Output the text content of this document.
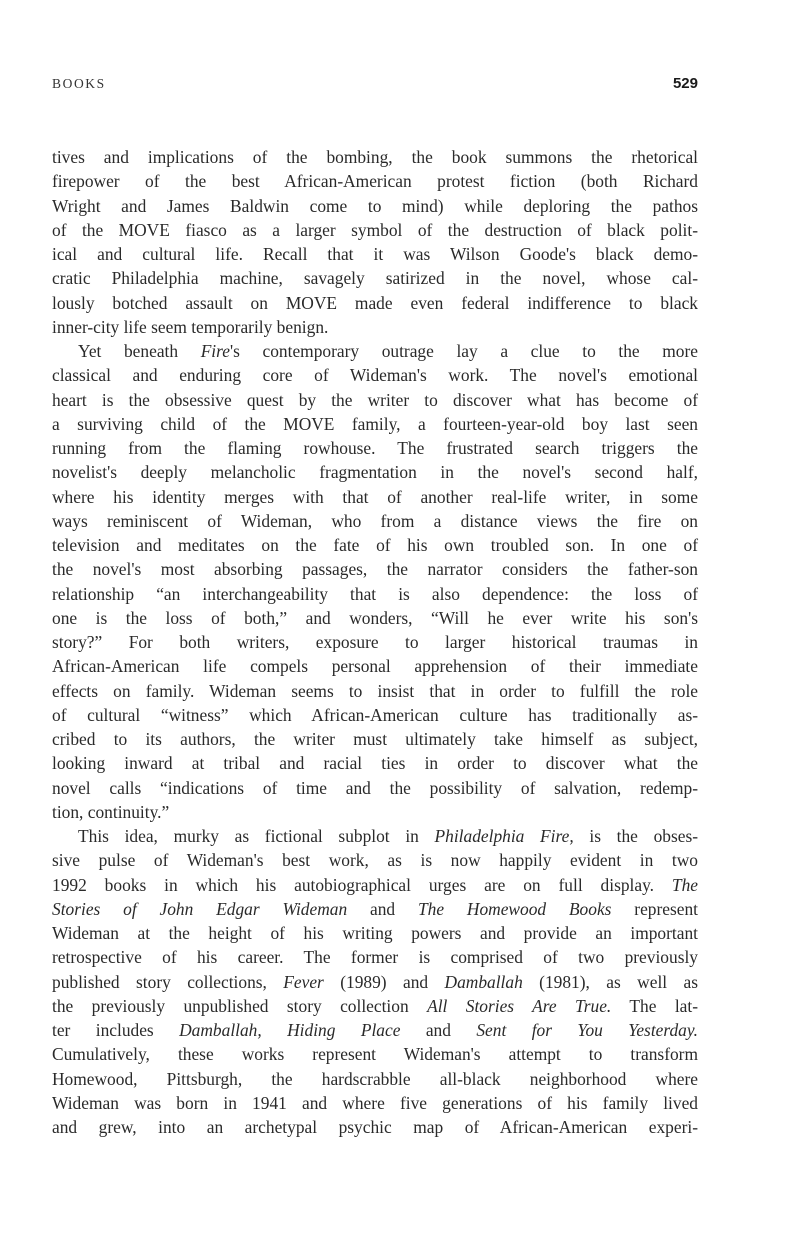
BOOKS	529
tives and implications of the bombing, the book summons the rhetorical
firepower of the best African-American protest fiction (both Richard
Wright and James Baldwin come to mind) while deploring the pathos
of the MOVE fiasco as a larger symbol of the destruction of black polit-
ical and cultural life. Recall that it was Wilson Goode's black demo-
cratic Philadelphia machine, savagely satirized in the novel, whose cal-
lously botched assault on MOVE made even federal indifference to black
inner-city life seem temporarily benign.
Yet beneath Fire's contemporary outrage lay a clue to the more
classical and enduring core of Wideman's work. The novel's emotional
heart is the obsessive quest by the writer to discover what has become of
a surviving child of the MOVE family, a fourteen-year-old boy last seen
running from the flaming rowhouse. The frustrated search triggers the
novelist's deeply melancholic fragmentation in the novel's second half,
where his identity merges with that of another real-life writer, in some
ways reminiscent of Wideman, who from a distance views the fire on
television and meditates on the fate of his own troubled son. In one of
the novel's most absorbing passages, the narrator considers the father-son
relationship “an interchangeability that is also dependence: the loss of
one is the loss of both,” and wonders, “Will he ever write his son's
story?” For both writers, exposure to larger historical traumas in
African-American life compels personal apprehension of their immediate
effects on family. Wideman seems to insist that in order to fulfill the role
of cultural “witness” which African-American culture has traditionally as-
cribed to its authors, the writer must ultimately take himself as subject,
looking inward at tribal and racial ties in order to discover what the
novel calls “indications of time and the possibility of salvation, redemp-
tion, continuity.”
This idea, murky as fictional subplot in Philadelphia Fire, is the obses-
sive pulse of Wideman's best work, as is now happily evident in two
1992 books in which his autobiographical urges are on full display. The
Stories of John Edgar Wideman and The Homewood Books represent
Wideman at the height of his writing powers and provide an important
retrospective of his career. The former is comprised of two previously
published story collections, Fever (1989) and Damballah (1981), as well as
the previously unpublished story collection All Stories Are True. The lat-
ter includes Damballah, Hiding Place and Sent for You Yesterday.
Cumulatively, these works represent Wideman's attempt to transform
Homewood, Pittsburgh, the hardscrabble all-black neighborhood where
Wideman was born in 1941 and where five generations of his family lived
and grew, into an archetypal psychic map of African-American experi-
